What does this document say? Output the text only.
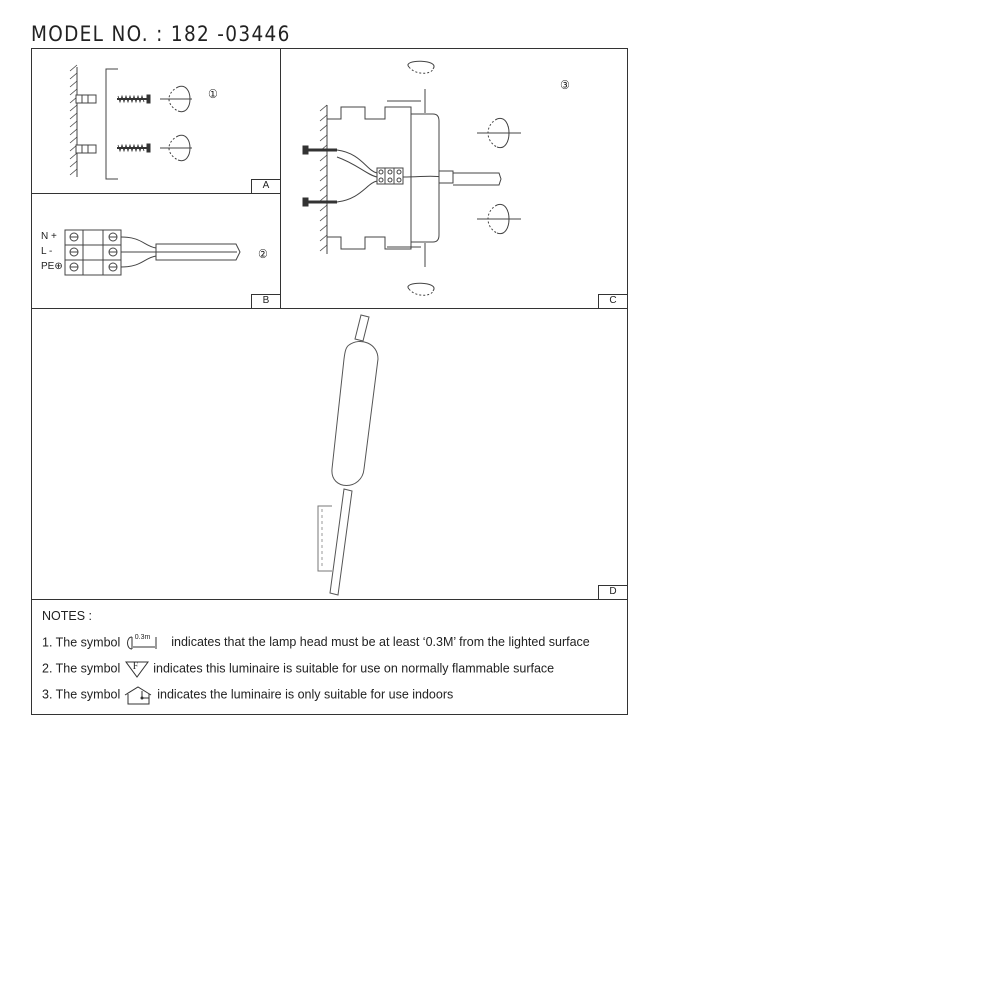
MODEL NO. : 182 -03446
①
A
N +
L -
PE⊕
②
B
③
C
D
NOTES :
1. The symbol 0.3m indicates that the lamp head must be at least ‘0.3M’ from the lighted surface
2. The symbol F indicates this luminaire is suitable for use on normally flammable surface
3. The symbol	indicates the luminaire is only suitable for use indoors
